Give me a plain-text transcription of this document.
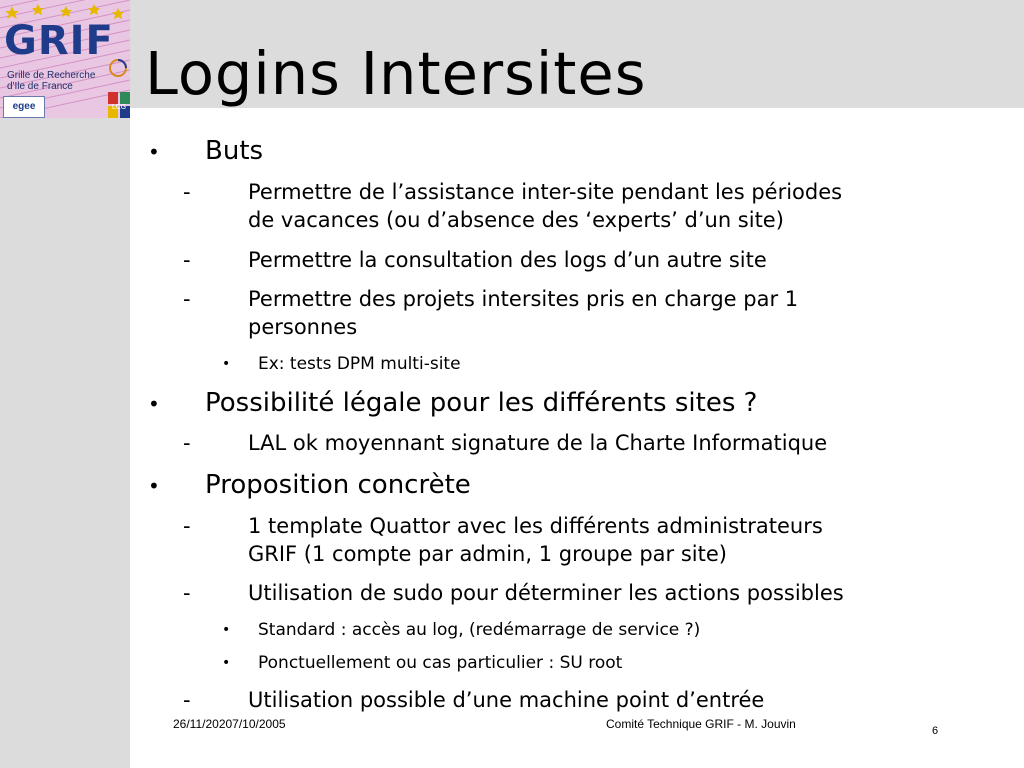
GRIF
Grille de Recherche
d'Ile de France
egee	LCG Logins Intersites
• Buts
-	Permettre de l’assistance inter-site pendant les périodes
de vacances (ou d’absence des ‘experts’ d’un site)
-	Permettre la consultation des logs d’un autre site
-	Permettre des projets intersites pris en charge par 1
personnes
• Ex: tests DPM multi-site
• Possibilité légale pour les différents sites ?
-	LAL ok moyennant signature de la Charte Informatique
• Proposition concrète
-	1 template Quattor avec les différents administrateurs
GRIF (1 compte par admin, 1 groupe par site)
-	Utilisation de sudo pour déterminer les actions possibles
• Standard : accès au log, (redémarrage de service ?)
• Ponctuellement ou cas particulier : SU root
-	Utilisation possible d’une machine point d’entrée
26/11/20207/10/2005	Comité Technique GRIF - M. Jouvin	6
